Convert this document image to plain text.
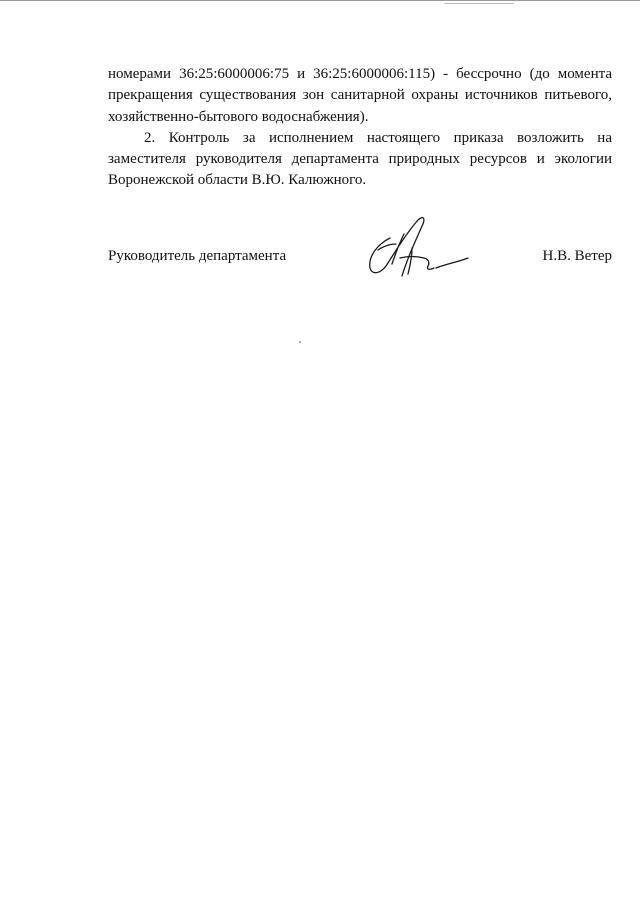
номерами 36:25:6000006:75 и 36:25:6000006:115) - бессрочно (до момента прекращения существования зон санитарной охраны источников питьевого, хозяйственно-бытового водоснабжения).

2. Контроль за исполнением настоящего приказа возложить на заместителя руководителя департамента природных ресурсов и экологии Воронежской области В.Ю. Калюжного.

Руководитель департамента	Н.В. Ветер
